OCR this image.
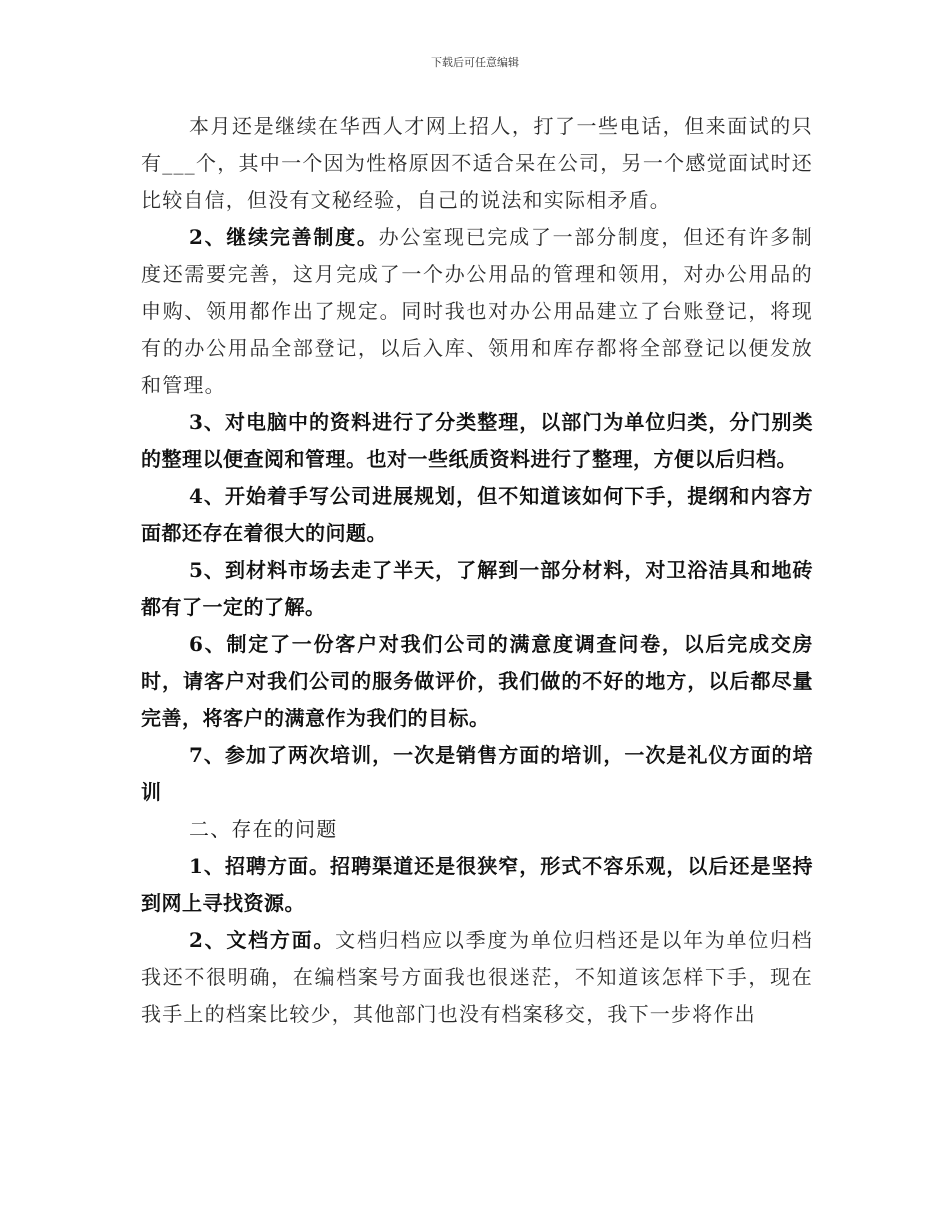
下载后可任意编辑

本月还是继续在华西人才网上招人，打了一些电话，但来面试的只有___个，其中一个因为性格原因不适合呆在公司，另一个感觉面试时还比较自信，但没有文秘经验，自己的说法和实际相矛盾。

2、继续完善制度。办公室现已完成了一部分制度，但还有许多制度还需要完善，这月完成了一个办公用品的管理和领用，对办公用品的申购、领用都作出了规定。同时我也对办公用品建立了台账登记，将现有的办公用品全部登记，以后入库、领用和库存都将全部登记以便发放和管理。

3、对电脑中的资料进行了分类整理，以部门为单位归类，分门别类的整理以便查阅和管理。也对一些纸质资料进行了整理，方便以后归档。

4、开始着手写公司进展规划，但不知道该如何下手，提纲和内容方面都还存在着很大的问题。

5、到材料市场去走了半天，了解到一部分材料，对卫浴洁具和地砖都有了一定的了解。

6、制定了一份客户对我们公司的满意度调查问卷，以后完成交房时，请客户对我们公司的服务做评价，我们做的不好的地方，以后都尽量完善，将客户的满意作为我们的目标。

7、参加了两次培训，一次是销售方面的培训，一次是礼仪方面的培训

二、存在的问题

1、招聘方面。招聘渠道还是很狭窄，形式不容乐观，以后还是坚持到网上寻找资源。

2、文档方面。文档归档应以季度为单位归档还是以年为单位归档我还不很明确，在编档案号方面我也很迷茫，不知道该怎样下手，现在我手上的档案比较少，其他部门也没有档案移交，我下一步将作出
